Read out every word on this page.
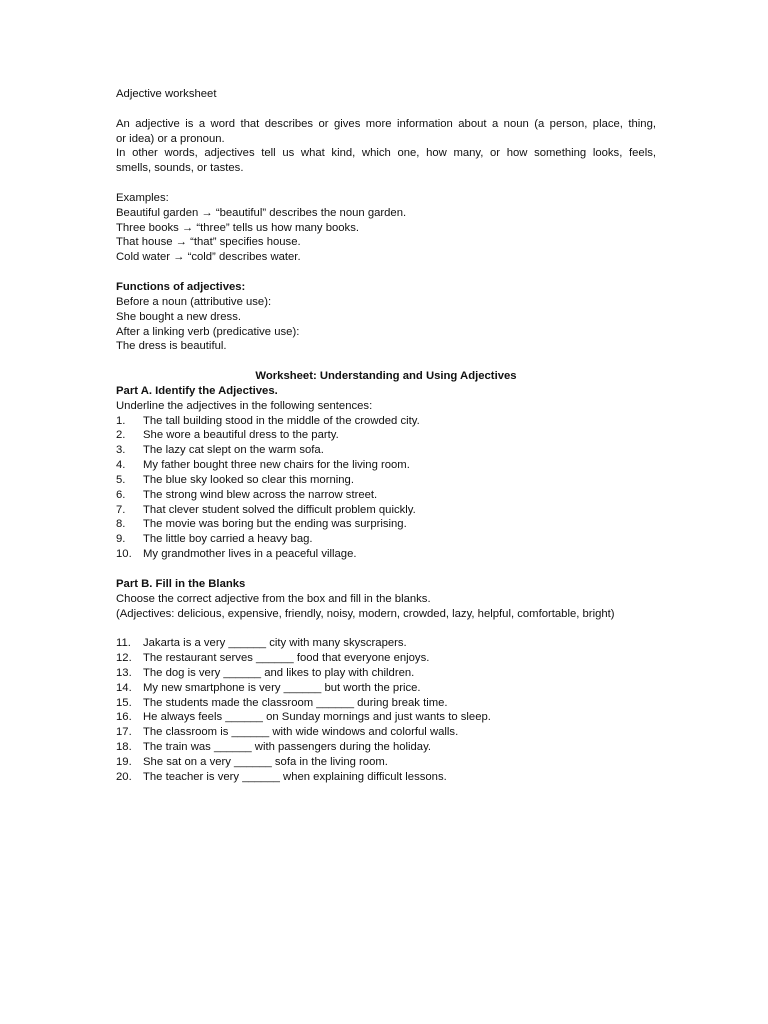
Adjective worksheet
An adjective is a word that describes or gives more information about a noun (a person, place, thing,
or idea) or a pronoun.
In other words, adjectives tell us what kind, which one, how many, or how something looks, feels,
smells, sounds, or tastes.
Examples:
Beautiful garden → “beautiful” describes the noun garden.
Three books → “three” tells us how many books.
That house → “that” specifies house.
Cold water → “cold” describes water.
Functions of adjectives:
Before a noun (attributive use):
She bought a new dress.
After a linking verb (predicative use):
The dress is beautiful.
Worksheet: Understanding and Using Adjectives
Part A. Identify the Adjectives.
Underline the adjectives in the following sentences:
1.	The tall building stood in the middle of the crowded city.
2.	She wore a beautiful dress to the party.
3.	The lazy cat slept on the warm sofa.
4.	My father bought three new chairs for the living room.
5.	The blue sky looked so clear this morning.
6.	The strong wind blew across the narrow street.
7.	That clever student solved the difficult problem quickly.
8.	The movie was boring but the ending was surprising.
9.	The little boy carried a heavy bag.
10. My grandmother lives in a peaceful village.
Part B. Fill in the Blanks
Choose the correct adjective from the box and fill in the blanks.
(Adjectives: delicious, expensive, friendly, noisy, modern, crowded, lazy, helpful, comfortable, bright)
11.	Jakarta is a very ______ city with many skyscrapers.
12. The restaurant serves ______ food that everyone enjoys.
13. The dog is very ______ and likes to play with children.
14. My new smartphone is very ______ but worth the price.
15. The students made the classroom ______ during break time.
16. He always feels ______ on Sunday mornings and just wants to sleep.
17. The classroom is ______ with wide windows and colorful walls.
18. The train was ______ with passengers during the holiday.
19. She sat on a very ______ sofa in the living room.
20. The teacher is very ______ when explaining difficult lessons.
